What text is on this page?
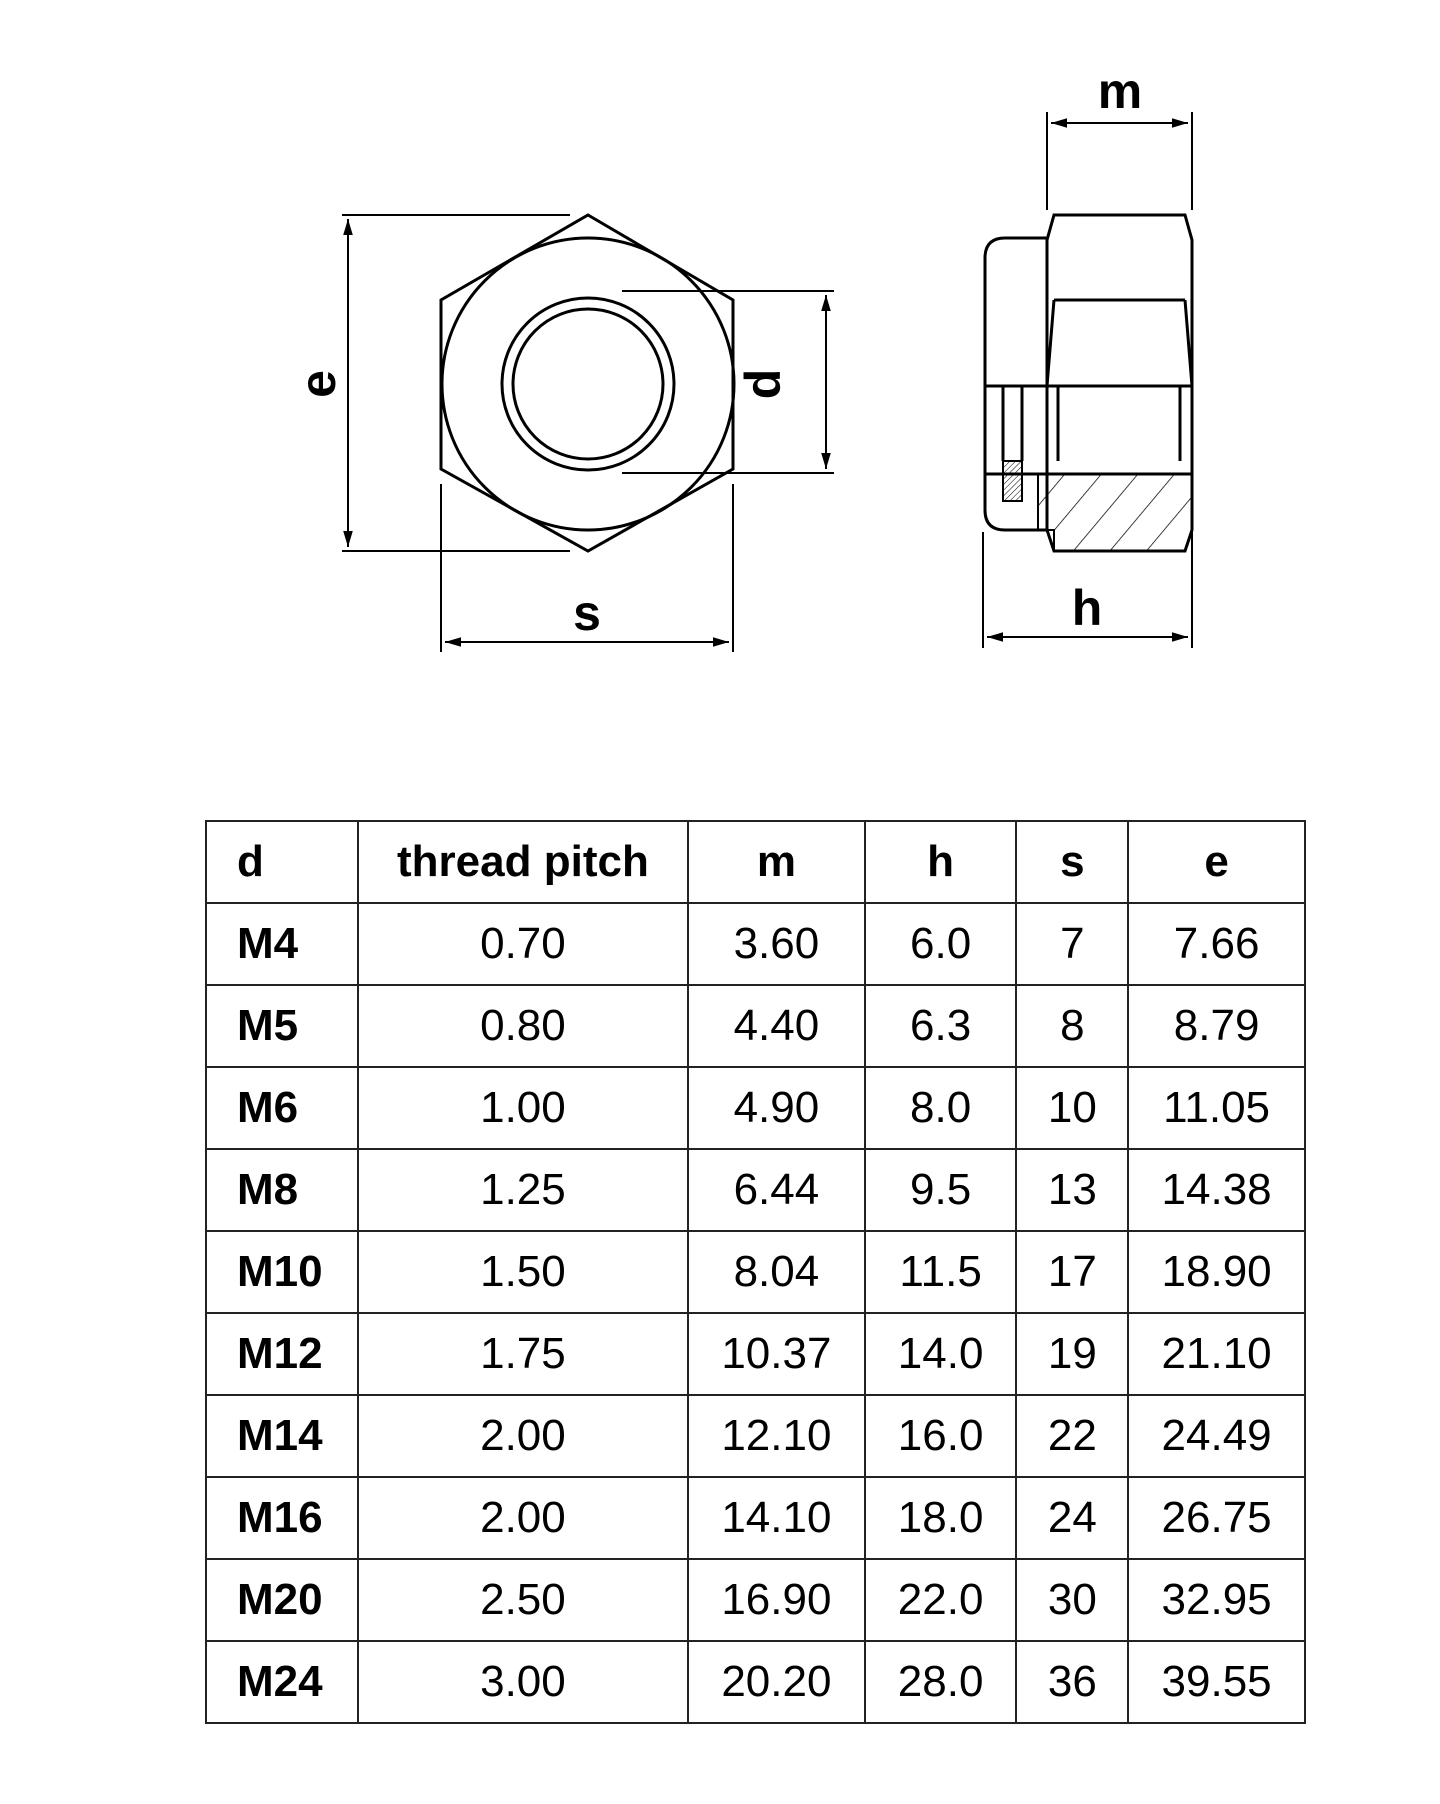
e	d
s
m
h
d	thread pitch	m	h	s	e
M4	0.70	3.60	6.0	7	7.66
M5	0.80	4.40	6.3	8	8.79
M6	1.00	4.90	8.0	10	11.05
M8	1.25	6.44	9.5	13	14.38
M10	1.50	8.04	11.5	17	18.90
M12	1.75	10.37	14.0	19	21.10
M14	2.00	12.10	16.0	22	24.49
M16	2.00	14.10	18.0	24	26.75
M20	2.50	16.90	22.0	30	32.95
M24	3.00	20.20	28.0	36	39.55
